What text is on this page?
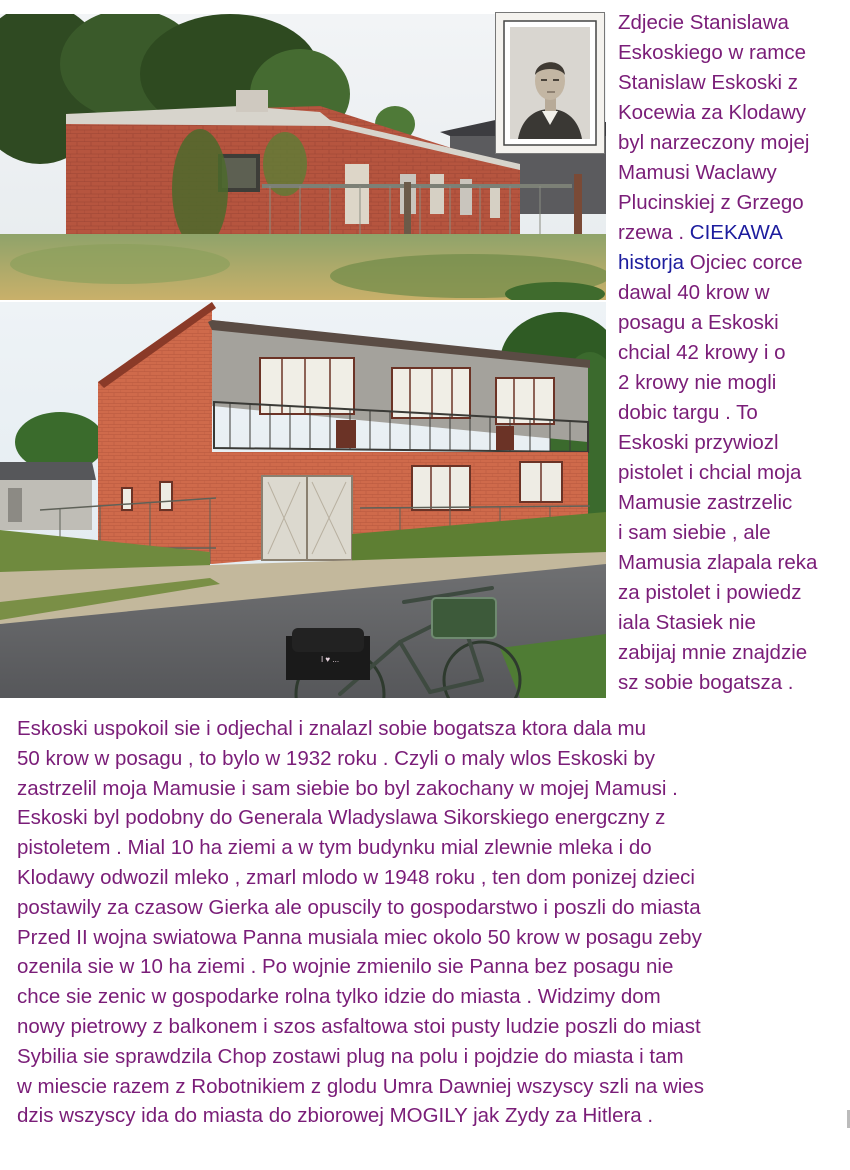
I ♥ ...

Zdjecie Stanislawa

Eskoskiego w ramce

Stanislaw Eskoski z

Kocewia za Klodawy

byl narzeczony mojej

Mamusi Waclawy

Plucinskiej z Grzego

rzewa . CIEKAWA

historja Ojciec corce

dawal 40 krow w

posagu a Eskoski

chcial 42 krowy i o

2 krowy nie mogli

dobic targu . To

Eskoski przywiozl

pistolet i chcial moja

Mamusie zastrzelic

i sam siebie , ale

Mamusia zlapala reka

za pistolet i powiedz

iala Stasiek nie

zabijaj mnie znajdzie

sz sobie bogatsza .

Eskoski uspokoil sie i odjechal i znalazl sobie bogatsza ktora dala mu

50 krow w posagu , to bylo w 1932 roku . Czyli o maly wlos Eskoski by

zastrzelil moja Mamusie i sam siebie bo byl zakochany w mojej Mamusi .

Eskoski byl podobny do Generala Wladyslawa Sikorskiego energczny z

pistoletem . Mial 10 ha ziemi a w tym budynku mial zlewnie mleka i do

Klodawy odwozil mleko , zmarl mlodo w 1948 roku , ten dom ponizej dzieci

postawily za czasow Gierka ale opuscily to gospodarstwo i poszli do miasta

Przed II wojna swiatowa Panna musiala miec okolo 50 krow w posagu zeby

ozenila sie w 10 ha ziemi . Po wojnie zmienilo sie Panna bez posagu nie

chce sie zenic w gospodarke rolna tylko idzie do miasta . Widzimy dom

nowy pietrowy z balkonem i szos asfaltowa stoi pusty ludzie poszli do miast

Sybilia sie sprawdzila Chop zostawi plug na polu i pojdzie do miasta i tam

w miescie razem z Robotnikiem z glodu Umra Dawniej wszyscy szli na wies

dzis wszyscy ida do miasta do zbiorowej MOGILY jak Zydy za Hitlera .
